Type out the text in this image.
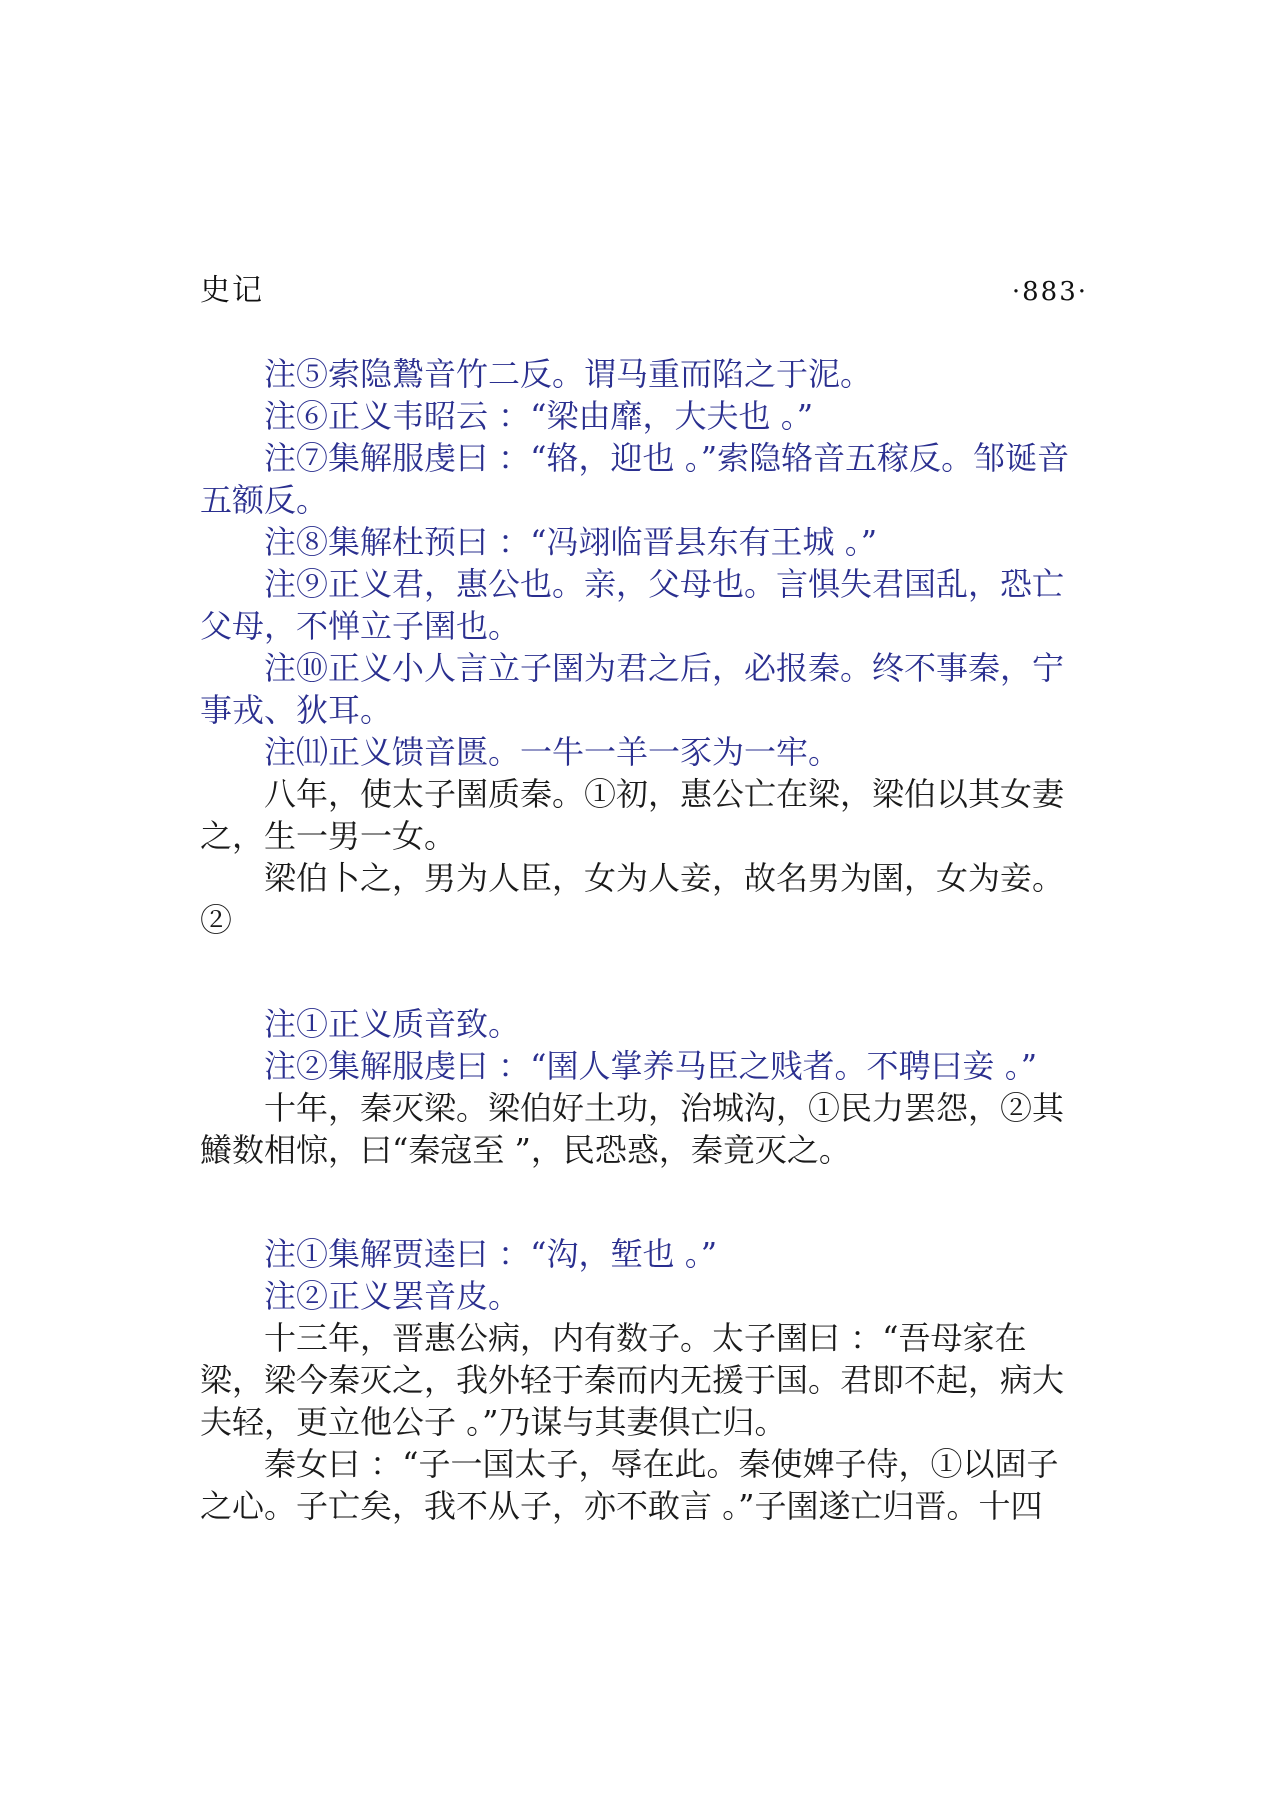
史记	·883·

注⑤索隐鷙音竹二反。谓马重而陷之于泥。

注⑥正义韦昭云 ：“梁由靡，大夫也 。”

注⑦集解服虔曰 ：“辂，迎也 。”索隐辂音五稼反。邹诞音五额反。

注⑧集解杜预曰 ：“冯翊临晋县东有王城 。”

注⑨正义君，惠公也。亲，父母也。言惧失君国乱，恐亡父母，不惮立子圉也。

注⑩正义小人言立子圉为君之后，必报秦。终不事秦，宁事戎、狄耳。

注⑾正义馈音匮。一牛一羊一豕为一牢。

八年，使太子圉质秦。①初，惠公亡在梁，梁伯以其女妻之，生一男一女。

梁伯卜之，男为人臣，女为人妾，故名男为圉，女为妾。②

注①正义质音致。

注②集解服虔曰 ：“圉人掌养马臣之贱者。不聘曰妾 。”

十年，秦灭梁。梁伯好土功，治城沟，①民力罢怨，②其鱶数相惊，曰“秦寇至 ”，民恐惑，秦竟灭之。

注①集解贾逵曰 ：“沟，堑也 。”

注②正义罢音皮。

十三年，晋惠公病，内有数子。太子圉曰 ：“吾母家在梁，梁今秦灭之，我外轻于秦而内无援于国。君即不起，病大夫轻，更立他公子 。”乃谋与其妻俱亡归。

秦女曰 ：“子一国太子，辱在此。秦使婢子侍，①以固子之心。子亡矣，我不从子，亦不敢言 。”子圉遂亡归晋。十四
